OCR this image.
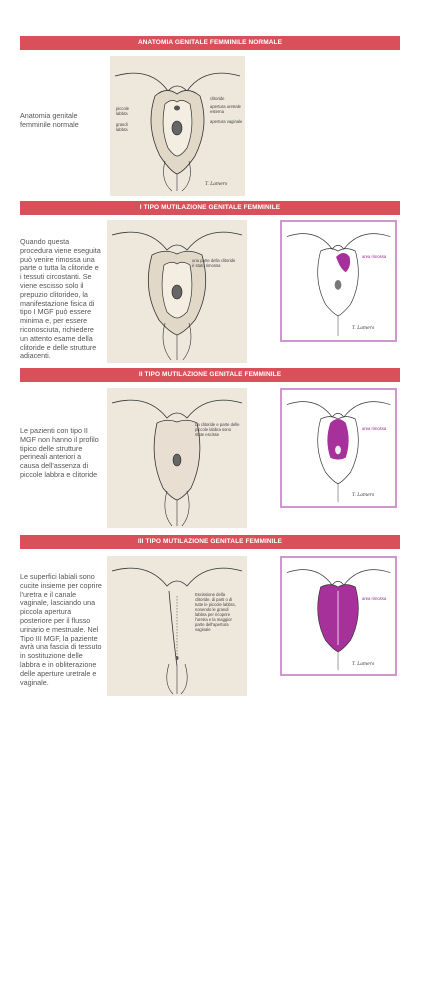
ANATOMIA GENITALE FEMMINILE NORMALE
Anatomia genitale femminile normale
piccole labbra
grandi labbra
clitoride
apertura uretrale esterna
apertura vaginale
T. Lamers
I TIPO MUTILAZIONE GENITALE FEMMINILE
Quando questa procedura viene eseguita può venire rimossa una parte o tutta la clitoride e i tessuti circostanti. Se viene escisso solo il prepuzio clitorideo, la manifestazione fisica di tipo I MGF può essere minima e, per essere riconosciuta, richiedere un attento esame della clitoride e delle strutture adiacenti.
una parte della clitoride è stato rimossa
area rimossa
T. Lamers
II TIPO MUTILAZIONE GENITALE FEMMINILE
Le pazienti con tipo II MGF non hanno il profilo tipico delle strutture perineali anteriori a causa dell'assenza di piccole labbra e clitoride
La clitoride e parte delle piccole labbra sono state escisse
area rimossa
T. Lamers
III TIPO MUTILAZIONE GENITALE FEMMINILE
Le superfici labiali sono cucite insieme per coprire l'uretra e il canale vaginale, lasciando una piccola apertura posteriore per il flusso urinario e mestruale. Nel Tipo III MGF, la paziente avrà una fascia di tessuto in sostituzione delle labbra e in obliterazione delle aperture uretrale e vaginale.
Escissione della clitoride, di parti o di tutte le piccole labbra, nonendo le grandi labbra per ricoprire l'uretra e la maggior parte dell'apertura vaginale
area rimossa
T. Lamers
